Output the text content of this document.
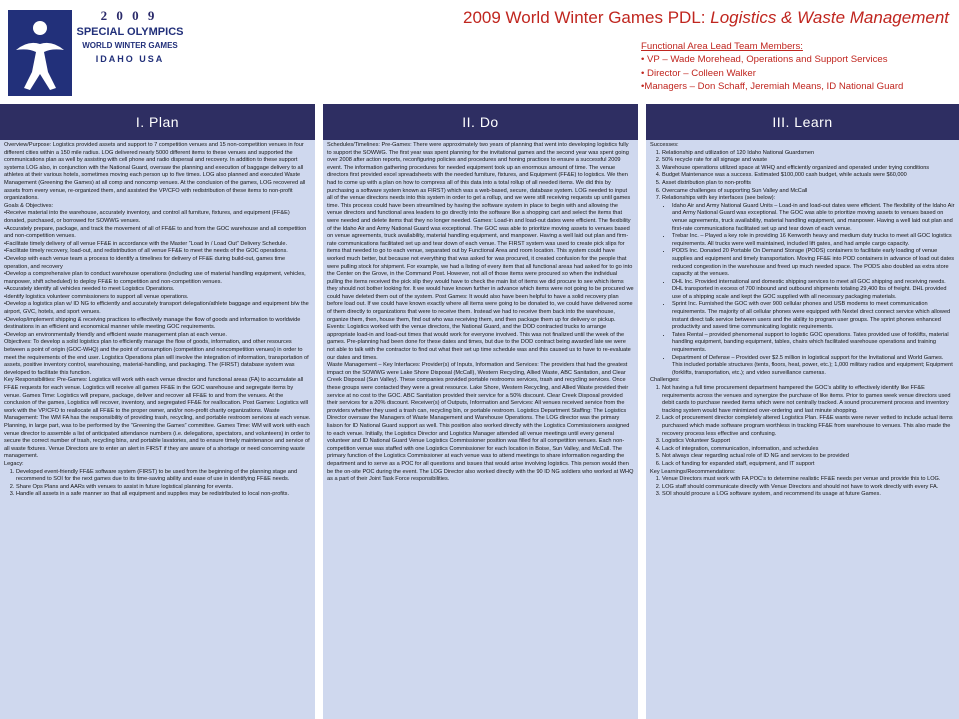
2 0 0 9
SPECIAL OLYMPICS
WORLD WINTER GAMES
IDAHO USA
2009 World Winter Games PDL: Logistics & Waste Management
Functional Area Lead Team Members:
• VP – Wade Morehead, Operations and Support Services
• Director – Colleen Walker
•Managers – Don Schaff, Jeremiah Means, ID National Guard
I. Plan	II. Do	III. Learn

Overview/Purpose: Logistics provided assets and support to 7 competition venues and 15 non-competition venues in four different cities within a 150 mile radius. LOG delivered nearly 5000 different items to these venues and supported the communications plan as well by assisting with cell phone and radio dispersal and recovery. In addition to these support systems LOG also, in conjunction with the National Guard, oversaw the planning and execution of baggage delivery to all athletes at their various hotels, sometimes moving each person up to five times. LOG also planned and executed Waste Management (Greening the Games) at all comp and noncomp venues. At the conclusion of the games, LOG recovered all assets from every venue, re-organized them, and assisted the VP/CFO with redistribution of these items to non-profit organizations.

Goals & Objectives:

•Receive material into the warehouse, accurately inventory, and control all furniture, fixtures, and equipment (FF&E) donated, purchased, or borrowed for SOWWG venues.

•Accurately prepare, package, and track the movement of all of FF&E to and from the GOC warehouse and all competition and non-competition venues.

•Facilitate timely delivery of all venue FF&E in accordance with the Master “Load In / Load Out” Delivery Schedule.

•Facilitate timely recovery, load-out, and redistribution of all venue FF&E to meet the needs of the GOC operations.

•Develop with each venue team a process to identify a timelines for delivery of FF&E during build-out, games time operation, and recovery

•Develop a comprehensive plan to conduct warehouse operations (including use of material handling equipment, vehicles, manpower, shift scheduled) to deploy FF&E to competition and non-competition venues.

•Accurately identify all vehicles needed to meet Logistics Operations.

•Identify logistics volunteer commissioners to support all venue operations.

•Develop a logistics plan w/ ID NG to efficiently and accurately transport delegation/athlete baggage and equipment b/w the airport, GVC, hotels, and sport venues.

•Develop/implement shipping & receiving practices to effectively manage the flow of goods and information to worldwide destinations in an efficient and economical manner while meeting GOC requirements.

•Develop an environmentally friendly and efficient waste management plan at each venue.

Objectives: To develop a solid logistics plan to efficiently manage the flow of goods, information, and other resources between a point of origin (GOC-WHQ) and the point of consumption (competition and noncompetition venues) in order to meet the requirements of the end user. Logistics Operations plan will involve the integration of information, transportation of assets, positive inventory control, warehousing, material-handling, and packaging. The (FIRST) database system was developed to facilitate this function.

Key Responsibilities: Pre-Games: Logistics will work with each venue director and functional areas (FA) to accumulate all FF&E requests for each venue. Logistics will receive all games FF&E in the GOC warehouse and segregate items by venue. Games Time: Logistics will prepare, package, deliver and recover all FF&E to and from the venues. At the conclusion of the games, Logistics will recover, inventory, and segregated FF&E for reallocation. Post Games: Logistics will work with the VP/CFO to reallocate all FF&E to the proper owner, and/or non-profit charity organizations. Waste Management: The WM FA has the responsibility of providing trash, recycling, and portable restroom services at each venue. Planning, in large part, was to be performed by the “Greening the Games” committee. Games Time: WM will work with each venue director to assemble a list of anticipated attendance numbers (i.e. delegations, spectators, and volunteers) in order to secure the correct number of trash, recycling bins, and portable lavatories, and to ensure timely maintenance and service of all waste fixtures. Venue Directors are to enter an alert in FIRST if they are aware of a shortage or need concerning waste management.

Legacy:

1. Developed event-friendly FF&E software system (FIRST) to be used from the beginning of the planning stage and recommend to SOI for the next games due to its time-saving ability and ease of use in identifying FF&E needs.
2. Share Ops Plans and AARs with venues to assist in future logistical planning for events.
3. Handle all assets in a safe manner so that all equipment and supplies may be redistributed to local non-profits.

Schedules/Timelines: Pre-Games: There were approximately two years of planning that went into developing logistics fully to support the SOWWG. The first year was spent planning for the invitational games and the second year was spent going over 2008 after action reports, reconfiguring policies and procedures and honing practices to ensure a successful 2009 event. The information gathering procedures for needed equipment took up an enormous amount of time. The venue directors first provided excel spreadsheets with the needed furniture, fixtures, and Equipment (FF&E) to logistics. We then had to come up with a plan on how to compress all of this data into a total rollup of all needed items. We did this by purchasing a software system known as FIRST) which was a web-based, secure, database system. LOG needed to input all of the venue directors needs into this system in order to get a rollup, and we were still receiving requests up until games time. This process could have been streamlined by having the software system in place to begin with and allowing the venue directors and functional area leaders to go directly into the software like a shopping cart and select the items that were needed and delete items that they no longer needed. Games: Load-in and load-out dates were efficient. The flexibility of the Idaho Air and Army National Guard was exceptional. The GOC was able to prioritize moving assets to venues based on venue agreements, truck availability, material handling equipment, and manpower. Having a well laid out plan and firm-rate communications facilitated set up and tear down of each venue. The FIRST system was used to create pick slips for items that needed to go to each venue, separated out by Functional Area and room location. This system could have worked much better, but because not everything that was asked for was procured, it created confusion for the people that were pulling stock for shipment. For example, we had a listing of every item that all functional areas had asked for to go into the Center on the Grove, in the Command Post. However, not all of those items were procured so when the individual pulling the items received the pick slip they would have to check the main list of items we did procure to see which items they should not bother looking for. It we would have known further in advance which items were not going to be procured we could have deleted them out of the system. Post Games: It would also have been helpful to have a solid recovery plan before load out. If we could have known exactly where all items were going to be donated to, we could have delivered some of them directly to organizations that were to receive them. Instead we had to receive them back into the warehouse, organize them, then, house them, find out who was receiving them, and then package them up for delivery or pickup.

Events: Logistics worked with the venue directors, the National Guard, and the DOD contracted trucks to arrange appropriate load-in and load-out times that would work for everyone involved. This was not finalized until the week of the games. Pre-planning had been done for these dates and times, but due to the DOD contract being awarded late we were not able to talk with the contractor to find out what their set up time schedule was and this caused us to have to re-evaluate our dates and times.

Waste Management – Key Interfaces: Provider(s) of Inputs, Information and Services: The providers that had the greatest impact on the SOWWG were Lake Shore Disposal (McCall), Western Recycling, Allied Waste, ABC Sanitation, and Clear Creek Disposal (Sun Valley). These companies provided portable restrooms services, trash and recycling services. Once these groups were contacted they were a great resource. Lake Shore, Western Recycling, and Allied Waste provided their service at no cost to the GOC. ABC Sanitation provided their service for a 50% discount. Clear Creek Disposal provided their services for a 20% discount. Receiver(s) of Outputs, Information and Services: All venues received service from the providers whether they used a trash can, recycling bin, or portable restroom. Logistics Department Staffing: The Logistics Director oversaw the Managers of Waste Management and Warehouse Operations. The LOG director was the primary liaison for ID National Guard support as well. This position also worked directly with the Logistics Commissioners assigned to each venue. Initially, the Logistics Director and Logistics Manager attended all venue meetings until every general volunteer and ID National Guard Venue Logistics Commissioner position was filled for all competition venues. Each non-competition venue was staffed with one Logistics Commissioner for each location in Boise, Sun Valley, and McCall. The primary function of the Logistics Commissioner at each venue was to attend meetings to share information regarding the department and to serve as a POC for all questions and issues that would arise involving logistics. This person would then be the on-site POC during the event. The LOG Director also worked directly with the 90 ID NG soldiers who worked at WHQ as a part of their Joint Task Force responsibilities.

Successes:

1. Relationship and utilization of 120 Idaho National Guardsmen
2. 50% recycle rate for all signage and waste
3. Warehouse operations utilized space at WHQ and efficiently organized and operated under trying conditions
4. Budget Maintenance was a success. Estimated $100,000 cash budget, while actuals were $60,000
5. Asset distribution plan to non-profits
6. Overcame challenges of supporting Sun Valley and McCall
7. Relationships with key interfaces (see below):
• Idaho Air and Army National Guard Units – Load-in and load-out dates were efficient. The flexibility of the Idaho Air and Army National Guard was exceptional. The GOC was able to prioritize moving assets to venues based on venue agreements, truck availability, material handling equipment, and manpower. Having a well laid out plan and first-rate communications facilitated set up and tear down of each venue.
• Trebar Inc. – Played a key role in providing 16 Kenworth heavy and medium duty trucks to meet all GOC logistics requirements. All trucks were well maintained, included lift gates, and had ample cargo capacity.
• PODS Inc. Donated 20 Portable On Demand Storage (PODS) containers to facilitate early loading of venue supplies and equipment and timely transportation. Moving FF&E into POD containers in advance of load out dates reduced congestion in the warehouse and freed up much needed space. The PODS also doubled as extra store capacity at the venues.
• DHL Inc. Provided international and domestic shipping services to meet all GOC shipping and receiving needs. DHL transported in excess of 700 inbound and outbound shipments totaling 29,400 lbs of freight. DHL provided use of a shipping scale and kept the GOC supplied with all necessary packaging materials.
• Sprint Inc. Furnished the GOC with over 900 cellular phones and USB modems to meet communication requirements. The majority of all cellular phones were equipped with Nextel direct connect service which allowed instant direct talk service between users and the ability to program user groups. The sprint phones enhanced productivity and saved time communicating logistic requirements.
• Tates Rental – provided phenomenal support to logistic GOC operations. Tates provided use of forklifts, material handling equipment, banding equipment, tables, chairs which facilitated warehouse operations and training requirements.
• Department of Defense – Provided over $2.5 million in logistical support for the Invitational and World Games. This included portable structures (tents, floors, heat, power, etc.); 1,000 military radios and equipment; Equipment (forklifts, transportation, etc.); and video surveillance cameras.

Challenges:

1. Not having a full time procurement department hampered the GOC’s ability to effectively identify like FF&E requirements across the venues and synergize the purchase of like items. Prior to games week venue directors used debit cards to purchase needed items which were not centrally tracked. A sound procurement process and inventory tracking system would have minimized over-ordering and last minute shopping.
2. Lack of procurement director completely altered Logistics Plan. FF&E wants were never vetted to include actual items purchased which made software program worthless in tracking FF&E from warehouse to venues. This also made the recovery process less effective and confusing.
3. Logistics Volunteer Support
4. Lack of integration, communication, information, and schedules
5. Not always clear regarding actual role of ID NG and services to be provided
6. Lack of funding for expanded staff, equipment, and IT support

Key Learnings/Recommendations:

1. Venue Directors must work with FA POC’s to determine realistic FF&E needs per venue and provide this to LOG.
2. LOG staff should communicate directly with Venue Directors and should not have to work directly with every FA.
3. SOI should procure a LOG software system, and recommend its usage at future Games.
